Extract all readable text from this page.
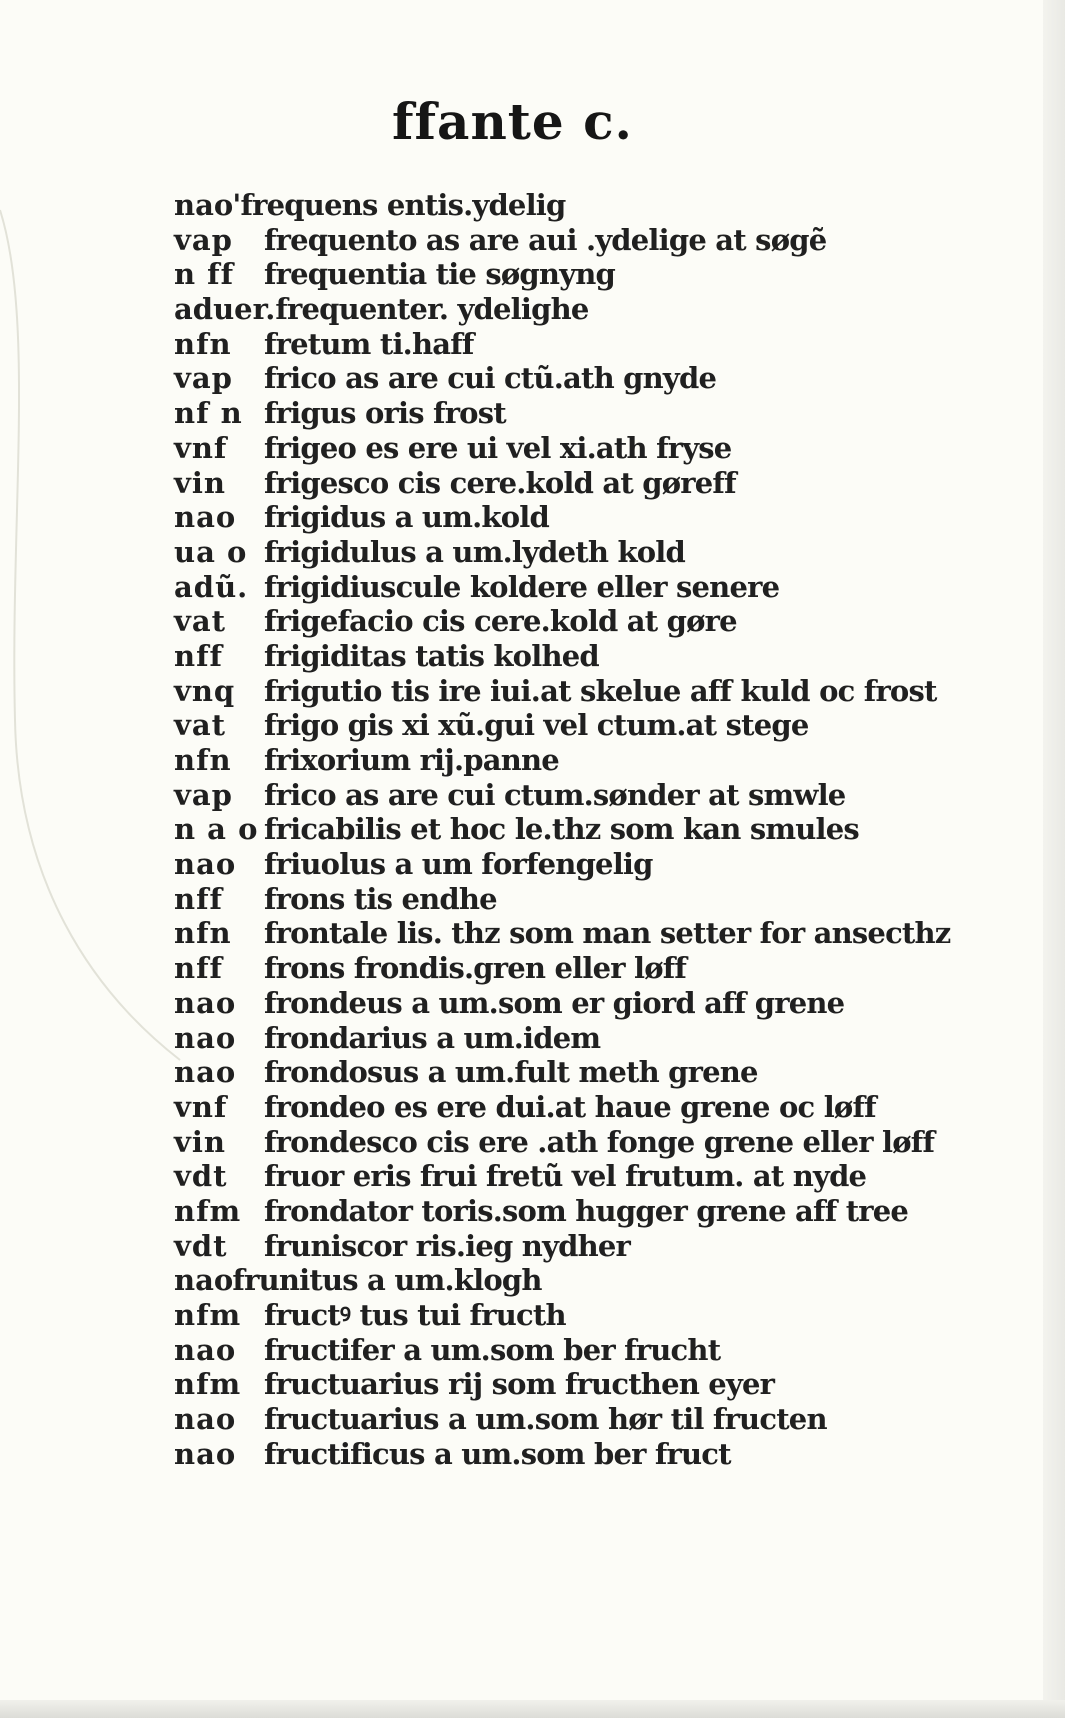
ffante c.
nao'frequens entis.ydelig
vap frequento as are aui .ydelige at søgẽ
n ff frequentia tie søgnyng
aduer.frequenter. ydelighe
nfn fretum ti.haff
vap frico as are cui ctũ.ath gnyde
nf n frigus oris frost
vnf frigeo es ere ui vel xi.ath fryse
vin frigesco cis cere.kold at gøreff
nao frigidus a um.kold
ua o frigidulus a um.lydeth kold
adũ. frigidiuscule koldere eller senere
vat frigefacio cis cere.kold at gøre
nff frigiditas tatis kolhed
vnq frigutio tis ire iui.at skelue aff kuld oc frost
vat frigo gis xi xũ.gui vel ctum.at stege
nfn frixorium rij.panne
vap frico as are cui ctum.sønder at smwle
n a o fricabilis et hoc le.thz som kan smules
nao friuolus a um forfengelig
nff frons tis endhe
nfn frontale lis. thz som man setter for ansecthz
nff frons frondis.gren eller løff
nao frondeus a um.som er giord aff grene
nao frondarius a um.idem
nao frondosus a um.fult meth grene
vnf frondeo es ere dui.at haue grene oc løff
vin frondesco cis ere .ath fonge grene eller løff
vdt fruor eris frui fretũ vel frutum. at nyde
nfm frondator toris.som hugger grene aff tree
vdt fruniscor ris.ieg nydher
naofrunitus a um.klogh
nfm fructꝰ tus tui fructh
nao fructifer a um.som ber frucht
nfm fructuarius rij som fructhen eyer
nao fructuarius a um.som hør til fructen
nao fructificus a um.som ber fruct
